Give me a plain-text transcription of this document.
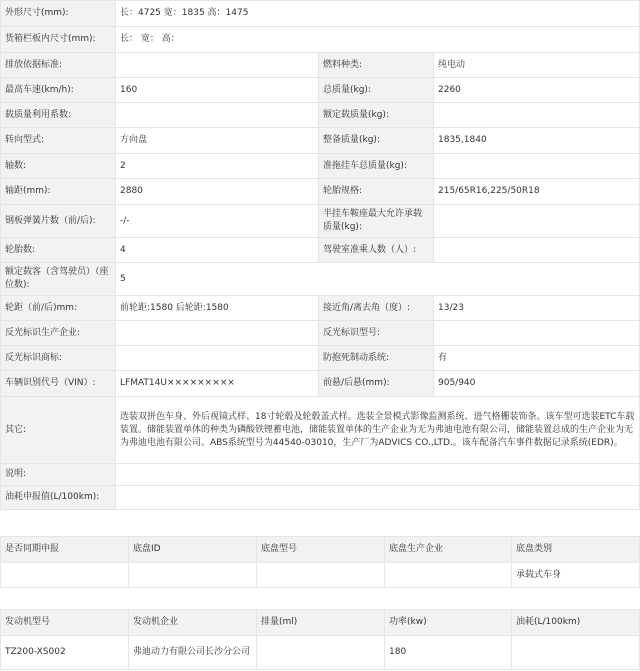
外形尺寸(mm):	长：4725 宽：1835 高：1475		
货箱栏板内尺寸(mm):	长： 宽： 高：		
排放依据标准:		燃料种类:	纯电动
最高车速(km/h):	160	总质量(kg):	2260
载质量利用系数:		额定载质量(kg):	
转向型式:	方向盘	整备质量(kg):	1835,1840
轴数:	2	准拖挂车总质量(kg):	
轴距(mm):	2880	轮胎规格:	215/65R16,225/50R18
钢板弹簧片数（前/后):	-/-	半挂车鞍座最大允许承载质量(kg):	
轮胎数:	4	驾驶室准乘人数（人）:	
额定载客（含驾驶员）（座位数):	5		
轮距（前/后)mm:	前轮距:1580 后轮距:1580	接近角/离去角（度）:	13/23
反光标识生产企业:		反光标识型号:	
反光标识商标:		防抱死制动系统:	有
车辆识别代号（VIN）:	LFMAT14U×××××××××	前悬/后悬(mm):	905/940
其它:	选装双拼色车身、外后视镜式样、18寸轮毂及轮毂盖式样。选装全景模式影像监测系统、进气格栅装饰条。该车型可选装ETC车载装置。储能装置单体的种类为磷酸铁锂蓄电池，储能装置单体的生产企业为无为弗迪电池有限公司，储能装置总成的生产企业为无为弗迪电池有限公司。ABS系统型号为44540-03010，生产厂为ADVICS CO.,LTD.。该车配备汽车事件数据记录系统(EDR)。		
说明:			
油耗申报值(L/100km):			
是否同期申报	底盘ID	底盘型号	底盘生产企业	底盘类别
				承载式车身
发动机型号	发动机企业	排量(ml)	功率(kw)	油耗(L/100km)
TZ200-XS002	弗迪动力有限公司长沙分公司		180	
